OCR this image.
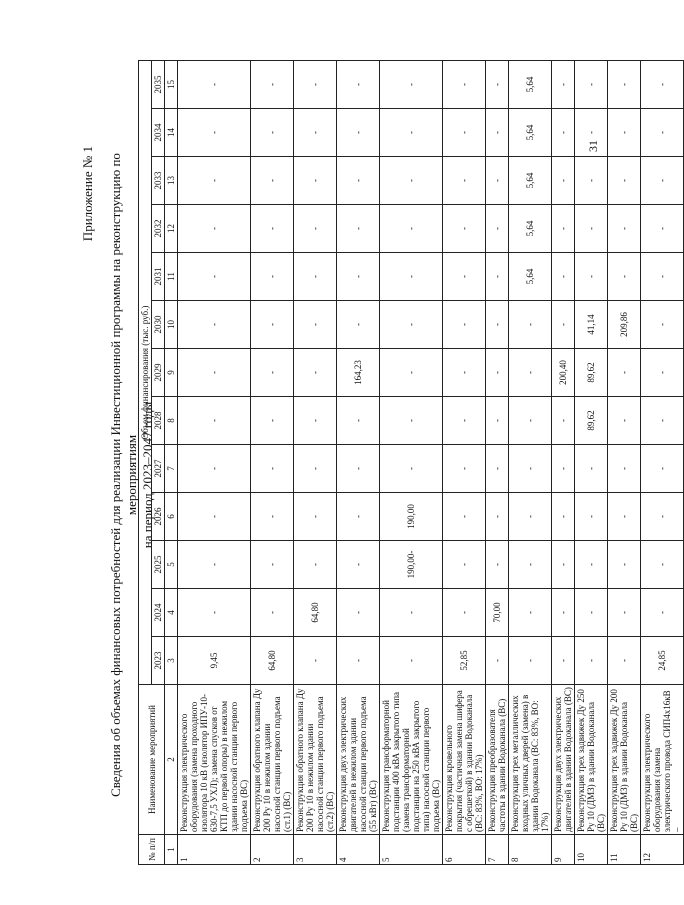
Приложение № 1 Сведения об объемах финансовых потребностей для реализации Инвестиционной программы на реконструкцию по мероприятиям на период 2023–2047 годы
№ п/п	Наименование мероприятий	Объем финансирования (тыс. руб.)												
		2023	2024	2025	2026	2027	2028	2029	2030	2031	2032	2033	2034	2035
1	2	3	4	5	6	7	8	9	10	11	12	13	14	15
1	Реконструкция электрического оборудования (замена проходного изолятора 10 кВ (изолятор ИПУ-10-630-7,5 УХЛ); замена спусков от КТП до первой опоры) в нежилом здании насосной станции первого подъема (ВС)	9,45	-	-	-	-	-	-	-	-	-	-	-	-
2	Реконструкция обратного клапана Ду 200 Ру 10 в нежилом здании насосной станции первого подъема (ст.1) (ВС)	64,80	-	-	-	-	-	-	-	-	-	-	-	-
3	Реконструкция обратного клапана Ду 200 Ру 10 в нежилом здании насосной станции первого подъема (ст.2) (ВС)	-	64,80	-	-	-	-	-	-	-	-	-	-	-
4	Реконструкция двух электрических двигателей в нежилом здании насосной станции первого подъема (55 кВт) (ВС)	-	-	-	-	-	-	164,23	-	-	-	-	-	-
5	Реконструкция трансформаторной подстанции 400 кВА закрытого типа (замена трансформаторной подстанции на 250 кВА закрытого типа) насосной станции первого подъема (ВС)	-	-	190,00-	190,00	-	-	-	-	-	-	-	-	-
6	Реконструкция кровельного покрытия (частичная замена шифера с обрешеткой) в здании Водоканала (ВС: 83%, ВО: 17%)	52,85	-	-	-	-	-	-	-	-	-	-	-	-
7	Реконструкция преобразователя частоты в здании Водоканала (ВС)	-	70,00	-	-	-	-	-	-	-	-	-	-	-
8	Реконструкция трех металлических входных уличных дверей (замена) в здании Водоканала (ВС: 83%, ВО: 17%)	-	-	-	-	-	-	-	-	5,64	5,64	5,64	5,64	5,64
9	Реконструкция двух электрических двигателей в здании Водоканала (ВС)	-	-	-	-	-	-	200,40	-	-	-	-	-	-
10	Реконструкция трех задвижек Ду 250 Ру 10 (ДМЗ) в здании Водоканала (ВС)	-	-	-	-	-	89,62	89,62	41,14	-	-	-	-	-
11	Реконструкция трех задвижек Ду 200 Ру 10 (ДМЗ) в здании Водоканала (ВС)	-	-	-	-	-	-	-	209,86	-	-	-	-	-
12	Реконструкция электрического оборудования (замена электрического провода СИП4х16кВ –	24,85	-	-	-	-	-	-	-	-	-	-	-	-
31
